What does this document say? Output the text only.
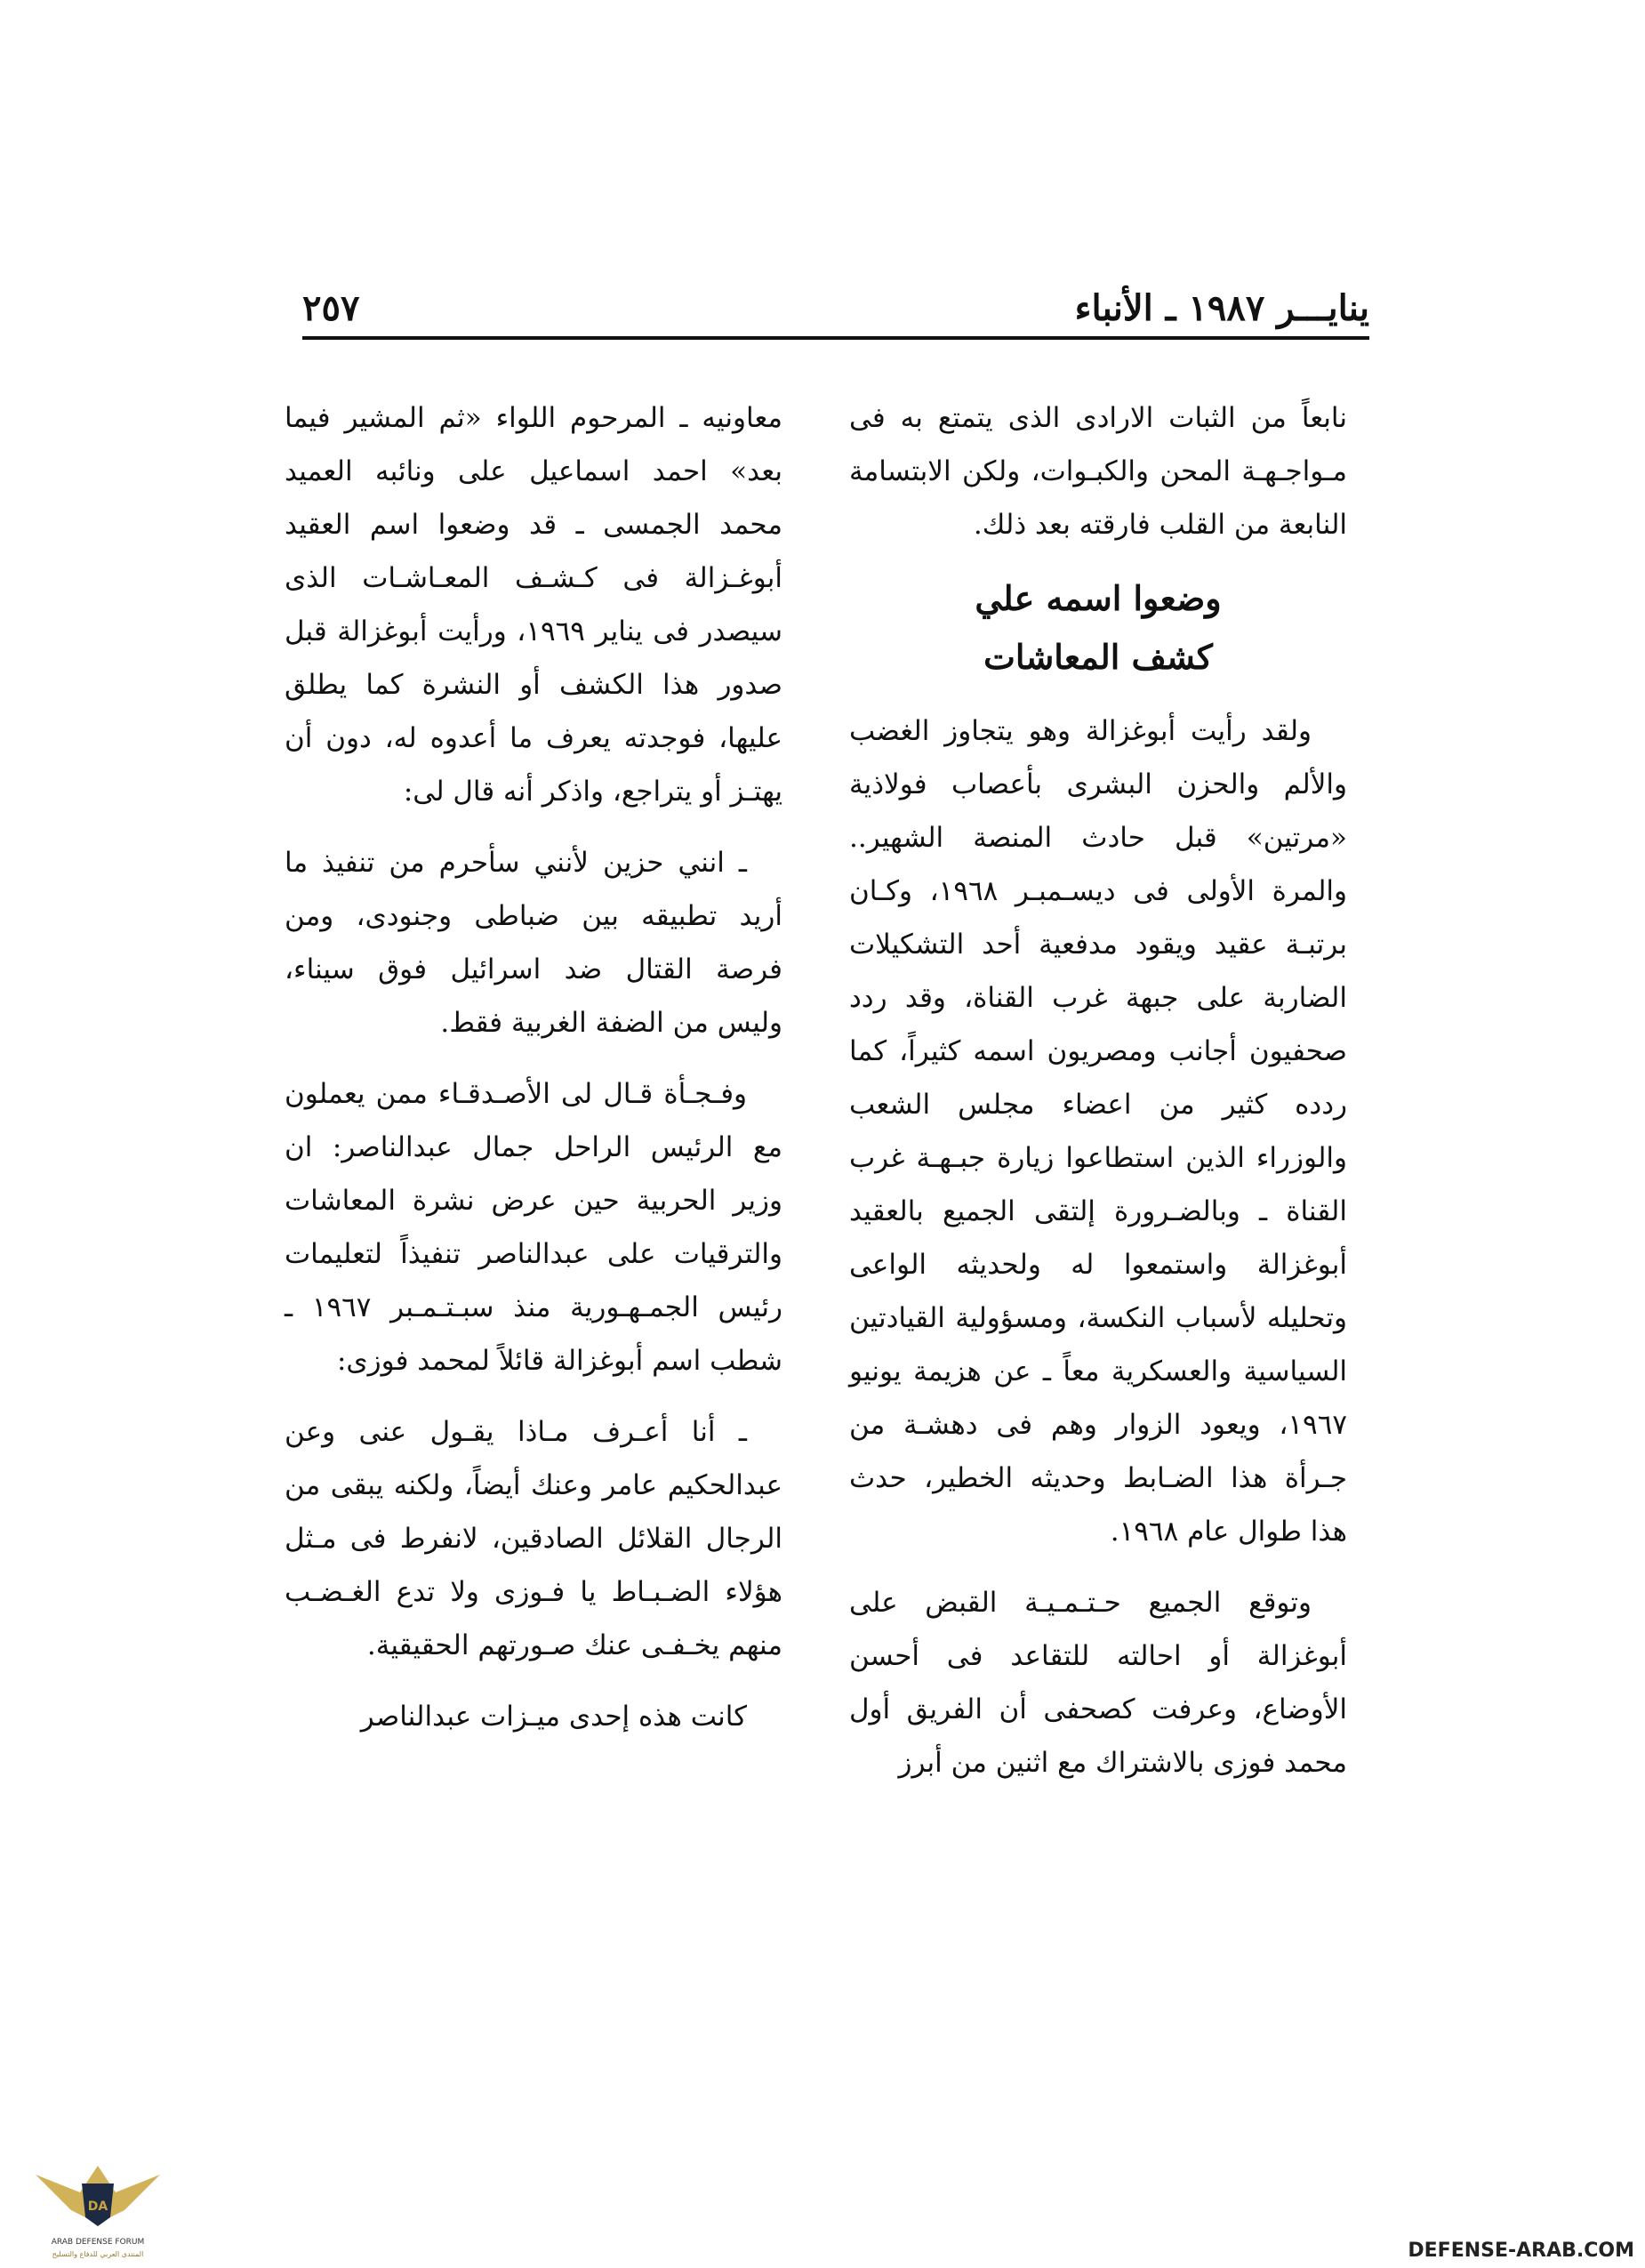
ينايـــر ١٩٨٧ ـ الأنباء
٢٥٧

نابعاً من الثبات الارادى الذى يتمتع به فى مـواجـهـة المحن والكبـوات، ولكن الابتسامة النابعة من القلب فارقته بعد ذلك.

وضعوا اسمه علي
كشف المعاشات

ولقد رأيت أبوغزالة وهو يتجاوز الغضب والألم والحزن البشرى بأعصاب فولاذية «مرتين» قبل حادث المنصة الشهير.. والمرة الأولى فى ديسـمبـر ١٩٦٨، وكـان برتبـة عقيد ويقود مدفعية أحد التشكيلات الضاربة على جبهة غرب القناة، وقد ردد صحفيون أجانب ومصريون اسمه كثيراً، كما ردده كثير من اعضاء مجلس الشعب والوزراء الذين استطاعوا زيارة جبـهـة غرب القناة ـ وبالضـرورة إلتقى الجميع بالعقيد أبوغزالة واستمعوا له ولحديثه الواعى وتحليله لأسباب النكسة، ومسؤولية القيادتين السياسية والعسكرية معاً ـ عن هزيمة يونيو ١٩٦٧، ويعود الزوار وهم فى دهشـة من جـرأة هذا الضـابط وحديثه الخطير، حدث هذا طوال عام ١٩٦٨.

وتوقع الجميع حـتـمـيـة القبض على أبوغزالة أو احالته للتقاعد فى أحسن الأوضاع، وعرفت كصحفى أن الفريق أول محمد فوزى بالاشتراك مع اثنين من أبرز

معاونيه ـ المرحوم اللواء «ثم المشير فيما بعد» احمد اسماعيل على ونائبه العميد محمد الجمسى ـ قد وضعوا اسم العقيد أبوغـزالة فى كـشـف المعـاشـات الذى سيصدر فى يناير ١٩٦٩، ورأيت أبوغزالة قبل صدور هذا الكشف أو النشرة كما يطلق عليها، فوجدته يعرف ما أعدوه له، دون أن يهتـز أو يتراجع، واذكر أنه قال لى:

ـ انني حزين لأنني سأحرم من تنفيذ ما أريد تطبيقه بين ضباطى وجنودى، ومن فرصة القتال ضد اسرائيل فوق سيناء، وليس من الضفة الغربية فقط.

وفـجـأة قـال لى الأصـدقـاء ممن يعملون مع الرئيس الراحل جمال عبدالناصر: ان وزير الحربية حين عرض نشرة المعاشات والترقيات على عبدالناصر تنفيذاً لتعليمات رئيس الجمـهـورية منذ سبـتـمـبر ١٩٦٧ ـ شطب اسم أبوغزالة قائلاً لمحمد فوزى:

ـ أنا أعـرف مـاذا يقـول عنى وعن عبدالحكيم عامر وعنك أيضاً، ولكنه يبقى من الرجال القلائل الصادقين، لانفرط فى مـثل هؤلاء الضـبـاط يا فـوزى ولا تدع الغـضـب منهم يخـفـى عنك صـورتهم الحقيقية.

كانت هذه إحدى ميـزات عبدالناصر

DA
ARAB DEFENSE FORUM
المنتدى العربي للدفاع والتسليح	DEFENSE-ARAB.COM
